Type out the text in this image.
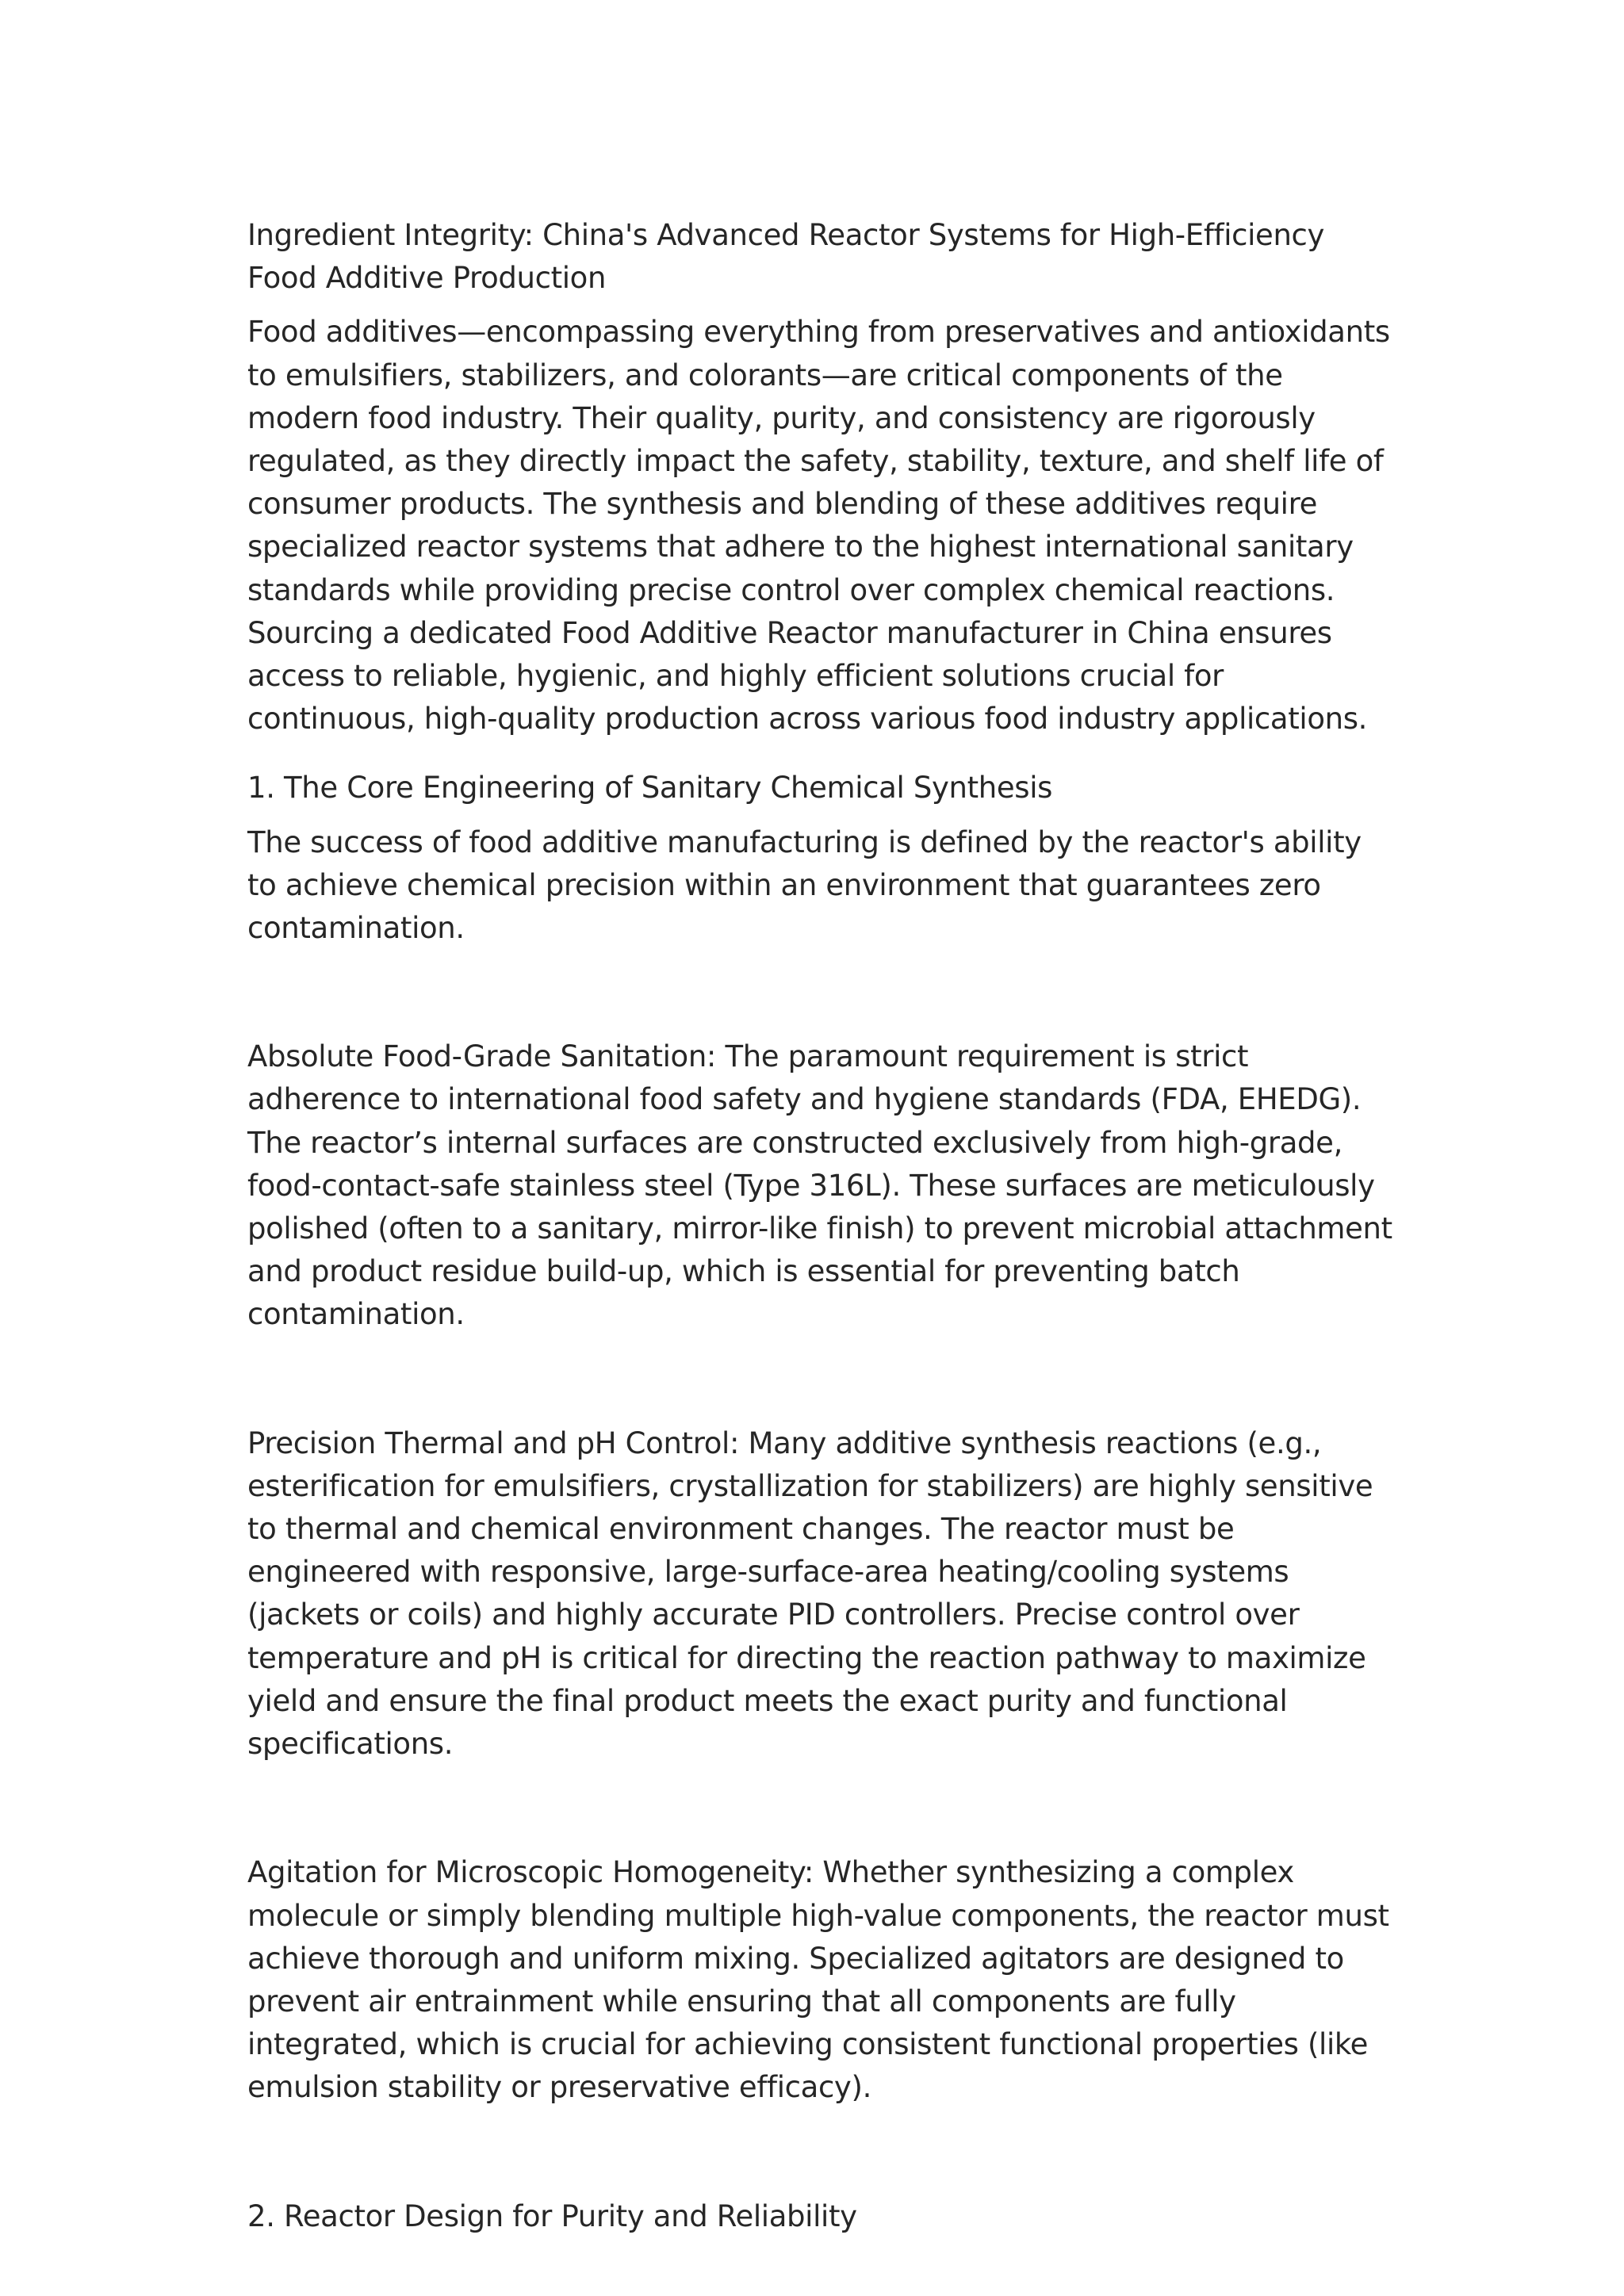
Ingredient Integrity: China's Advanced Reactor Systems for High-Efficiency Food Additive Production

Food additives—encompassing everything from preservatives and antioxidants to emulsifiers, stabilizers, and colorants—are critical components of the modern food industry. Their quality, purity, and consistency are rigorously regulated, as they directly impact the safety, stability, texture, and shelf life of consumer products. The synthesis and blending of these additives require specialized reactor systems that adhere to the highest international sanitary standards while providing precise control over complex chemical reactions. Sourcing a dedicated Food Additive Reactor manufacturer in China ensures access to reliable, hygienic, and highly efficient solutions crucial for continuous, high-quality production across various food industry applications.

1. The Core Engineering of Sanitary Chemical Synthesis

The success of food additive manufacturing is defined by the reactor's ability to achieve chemical precision within an environment that guarantees zero contamination.

Absolute Food-Grade Sanitation: The paramount requirement is strict adherence to international food safety and hygiene standards (FDA, EHEDG). The reactor’s internal surfaces are constructed exclusively from high-grade, food-contact-safe stainless steel (Type 316L). These surfaces are meticulously polished (often to a sanitary, mirror-like finish) to prevent microbial attachment and product residue build-up, which is essential for preventing batch contamination.

Precision Thermal and pH Control: Many additive synthesis reactions (e.g., esterification for emulsifiers, crystallization for stabilizers) are highly sensitive to thermal and chemical environment changes. The reactor must be engineered with responsive, large-surface-area heating/cooling systems (jackets or coils) and highly accurate PID controllers. Precise control over temperature and pH is critical for directing the reaction pathway to maximize yield and ensure the final product meets the exact purity and functional specifications.

Agitation for Microscopic Homogeneity: Whether synthesizing a complex molecule or simply blending multiple high-value components, the reactor must achieve thorough and uniform mixing. Specialized agitators are designed to prevent air entrainment while ensuring that all components are fully integrated, which is crucial for achieving consistent functional properties (like emulsion stability or preservative efficacy).

2. Reactor Design for Purity and Reliability
